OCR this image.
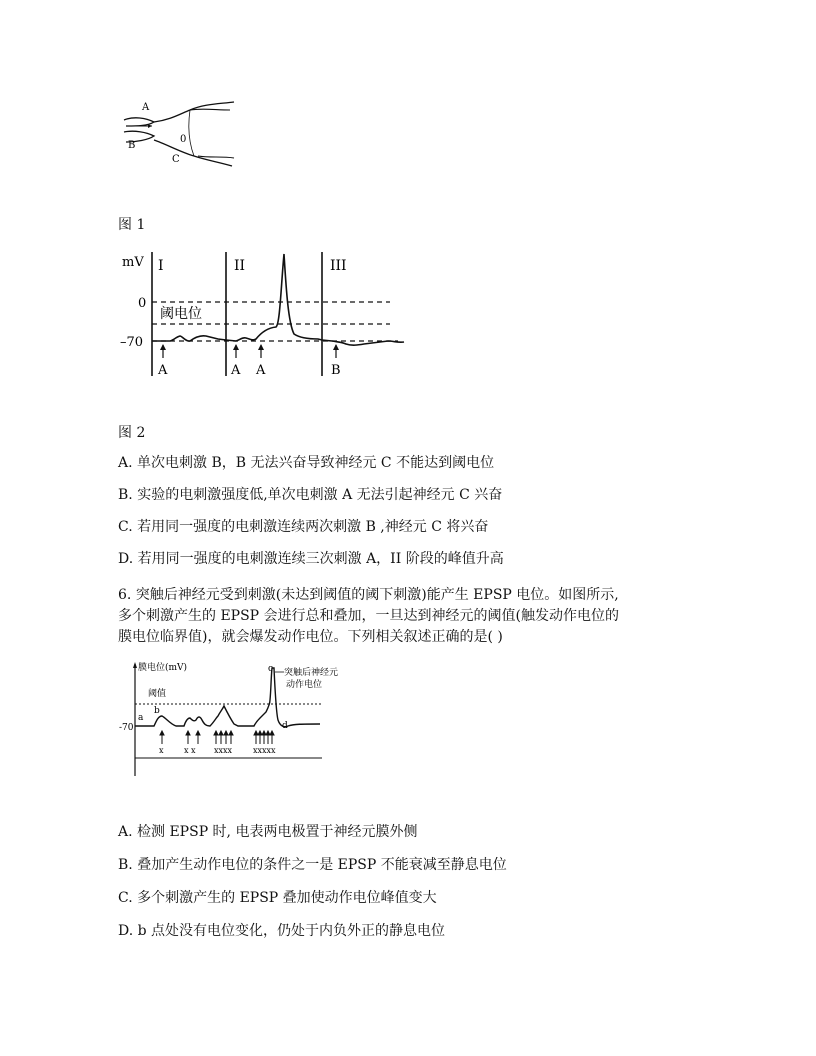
A
B
C
0
图 1
mV I	II	III
0
–70
阈电位
A	A A	B
图 2
A. 单次电刺激 B，B 无法兴奋导致神经元 C 不能达到阈电位
B. 实验的电刺激强度低,单次电刺激 A 无法引起神经元 C 兴奋
C. 若用同一强度的电刺激连续两次刺激 B ,神经元 C 将兴奋
D. 若用同一强度的电刺激连续三次刺激 A，II 阶段的峰值升高
6. 突触后神经元受到刺激(未达到阈值的阈下刺激)能产生 EPSP 电位。如图所示,
多个刺激产生的 EPSP 会进行总和叠加，一旦达到神经元的阈值(触发动作电位的
膜电位临界值)，就会爆发动作电位。下列相关叙述正确的是( )
膜电位(mV)
阈值
-70
a
b
c
d
突触后神经元
动作电位
x	x x xxxx	xxxxx
A. 检测 EPSP 时, 电表两电极置于神经元膜外侧
B. 叠加产生动作电位的条件之一是 EPSP 不能衰减至静息电位
C. 多个刺激产生的 EPSP 叠加使动作电位峰值变大
D. b 点处没有电位变化，仍处于内负外正的静息电位
